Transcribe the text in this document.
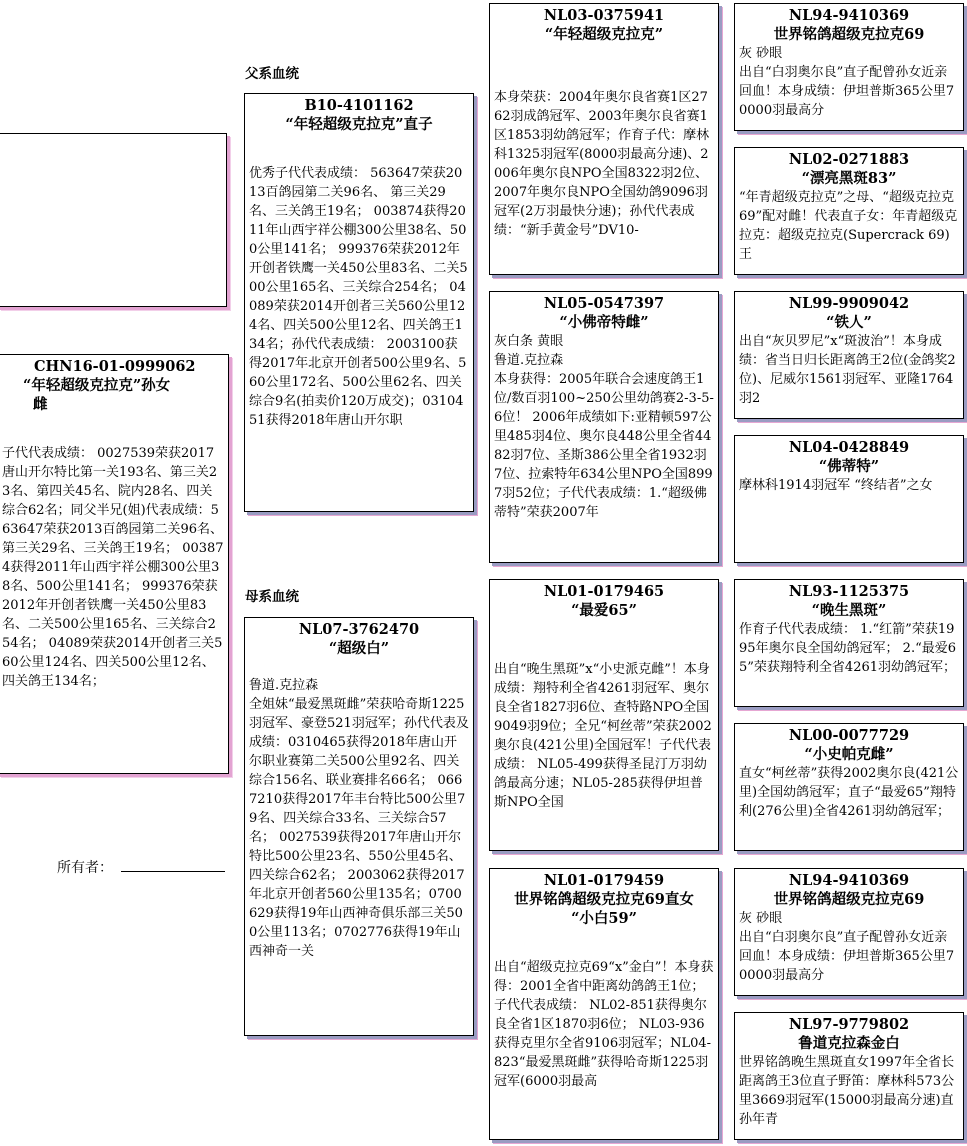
CHN16-01-0999062
“年轻超级克拉克”孙女
雌
子代代表成绩： 0027539荣获2017唐山开尔特比第一关193名、第三关23名、第四关45名、院内28名、四关综合62名；同父半兄(姐)代表成绩：563647荣获2013百鸽园第二关96名、 第三关29名、三关鸽王19名； 003874获得2011年山西宇祥公棚300公里38名、500公里141名； 999376荣获2012年开创者铁鹰一关450公里83名、二关500公里165名、三关综合254名； 04089荣获2014开创者三关560公里124名、四关500公里12名、四关鸽王134名；
所有者：
父系血统
B10-4101162
“年轻超级克拉克”直子
优秀子代代表成绩： 563647荣获2013百鸽园第二关96名、 第三关29名、三关鸽王19名； 003874获得2011年山西宇祥公棚300公里38名、500公里141名； 999376荣获2012年开创者铁鹰一关450公里83名、二关500公里165名、三关综合254名； 04089荣获2014开创者三关560公里124名、四关500公里12名、四关鸽王134名；孙代代表成绩： 2003100获得2017年北京开创者500公里9名、560公里172名、500公里62名、四关综合9名(拍卖价120万成交)；0310451获得2018年唐山开尔职
母系血统
NL07-3762470
“超级白”
鲁道.克拉森
全姐妹“最爱黑斑雌”荣获哈奇斯1225羽冠军、豪登521羽冠军；孙代代表及成绩：0310465获得2018年唐山开尔职业赛第二关500公里92名、四关综合156名、联业赛排名66名； 0667210获得2017年丰台特比500公里79名、四关综合33名、三关综合57名； 0027539获得2017年唐山开尔特比500公里23名、550公里45名、四关综合62名； 2003062获得2017年北京开创者560公里135名；0700629获得19年山西神奇俱乐部三关500公里113名；0702776获得19年山西神奇一关
NL03-0375941
“年轻超级克拉克”
本身荣获：2004年奥尔良省赛1区2762羽成鸽冠军、2003年奥尔良省赛1区1853羽幼鸽冠军；作育子代：摩林科1325羽冠军(8000羽最高分速)、2006年奥尔良NPO全国8322羽2位、2007年奥尔良NPO全国幼鸽9096羽冠军(2万羽最快分速)；孙代代表成绩：“新手黄金号”DV10-
NL05-0547397
“小佛帝特雌”
灰白条 黄眼
鲁道.克拉森
本身获得：2005年联合会速度鸽王1位/数百羽100~250公里幼鸽赛2-3-5-6位！ 2006年成绩如下:亚精顿597公里485羽4位、奥尔良448公里全省4482羽7位、圣斯386公里全省1932羽7位、拉索特年634公里NPO全国8997羽52位；子代代表成绩：1.“超级佛蒂特”荣获2007年
NL01-0179465
“最爱65”
出自“晚生黑斑”x“小史派克雌”！本身成绩：翔特利全省4261羽冠军、奥尔良全省1827羽6位、查特路NPO全国9049羽9位；全兄“柯丝蒂”荣获2002奥尔良(421公里)全国冠军！子代代表成绩： NL05-499获得圣昆汀万羽幼鸽最高分速；NL05-285获得伊坦普斯NPO全国
NL01-0179459
世界铭鸽超级克拉克69直女
“小白59”
出自“超级克拉克69“x”金白”！本身获得：2001全省中距离幼鸽鸽王1位；子代代表成绩： NL02-851获得奥尔良全省1区1870羽6位； NL03-936获得克里尔全省9106羽冠军；NL04-823“最爱黑斑雌”获得哈奇斯1225羽冠军(6000羽最高
NL94-9410369
世界铭鸽超级克拉克69
灰 砂眼
出自“白羽奥尔良”直子配曾孙女近亲回血！本身成绩：伊坦普斯365公里70000羽最高分
NL02-0271883
“漂亮黑斑83”
“年青超级克拉克”之母、“超级克拉克69”配对雌！代表直子女：年青超级克拉克：超级克拉克(Supercrack 69)王
NL99-9909042
“铁人”
出自“灰贝罗尼”x“斑波治”！本身成绩：省当日归长距离鸽王2位(金鸽奖2位)、尼威尔1561羽冠军、亚隆1764羽2
NL04-0428849
“佛蒂特”
摩林科1914羽冠军 “终结者”之女
NL93-1125375
“晚生黑斑”
作育子代代表成绩： 1.“红箭”荣获1995年奥尔良全国幼鸽冠军； 2.“最爱65”荣获翔特利全省4261羽幼鸽冠军；
NL00-0077729
“小史帕克雌”
直女“柯丝蒂”获得2002奥尔良(421公里)全国幼鸽冠军；直子“最爱65”翔特利(276公里)全省4261羽幼鸽冠军；
NL94-9410369
世界铭鸽超级克拉克69
灰 砂眼
出自“白羽奥尔良”直子配曾孙女近亲回血！本身成绩：伊坦普斯365公里70000羽最高分
NL97-9779802
鲁道克拉森金白
世界铭鸽晚生黑斑直女1997年全省长距离鸽王3位直子野笛：摩林科573公里3669羽冠军(15000羽最高分速)直孙年青
